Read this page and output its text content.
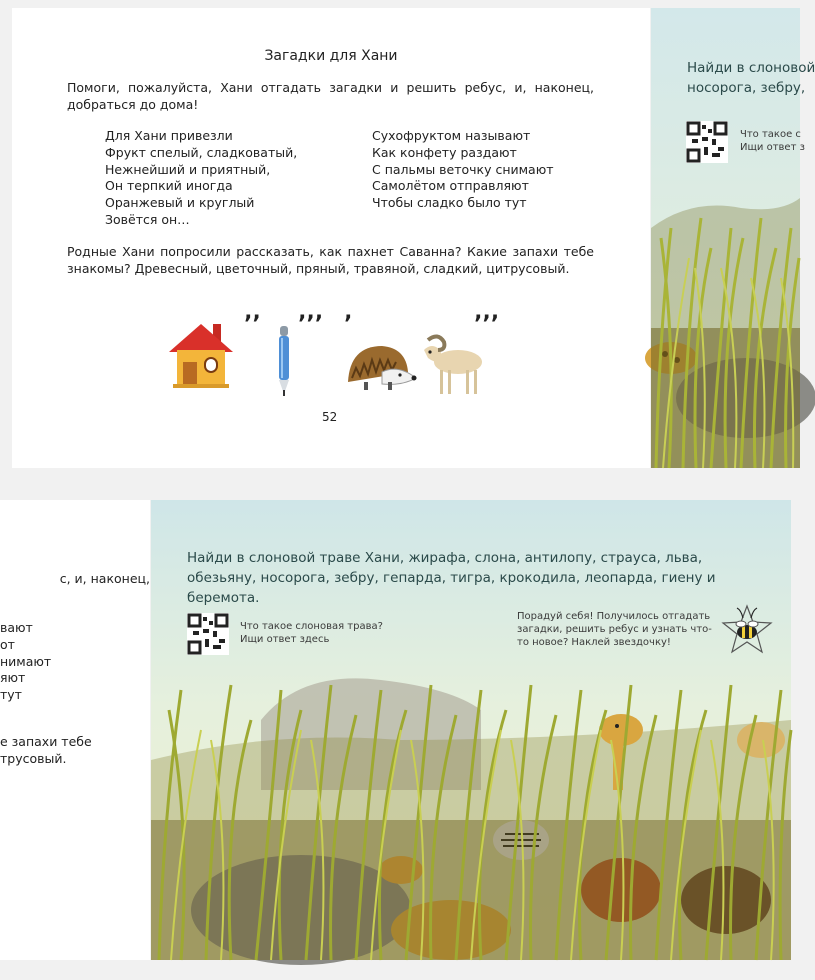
Загадки для Хани
Помоги, пожалуйста, Хани отгадать загадки и решить ребус, и, наконец, добраться до дома!
Для Хани привезли
Фрукт спелый, сладковатый,
Нежнейший и приятный,
Он терпкий иногда
Оранжевый и круглый
Зовётся он…
Сухофруктом называют
Как конфету раздают
С пальмы веточку снимают
Самолётом отправляют
Чтобы сладко было тут
Родные Хани попросили рассказать, как пахнет Саванна? Какие запахи тебе знакомы? Древесный, цветочный, пряный, травяной, сладкий, цитрусовый.
’’ ’’’ ’	’’’
52
Найди в слоновой
носорога, зебру,
Что такое с
Ищи ответ з
с, и, наконец,
вают
от
нимают
яют
тут
е запахи тебе
трусовый.
Найди в слоновой траве Хани, жирафа, слона, антилопу, страуса, льва, обезьяну, носорога, зебру, гепарда, тигра, крокодила, леопарда, гиену и беремота.
Что такое слоновая трава?
Ищи ответ здесь
Порадуй себя! Получилось отгадать загадки, решить ребус и узнать что-то новое? Наклей звездочку!
